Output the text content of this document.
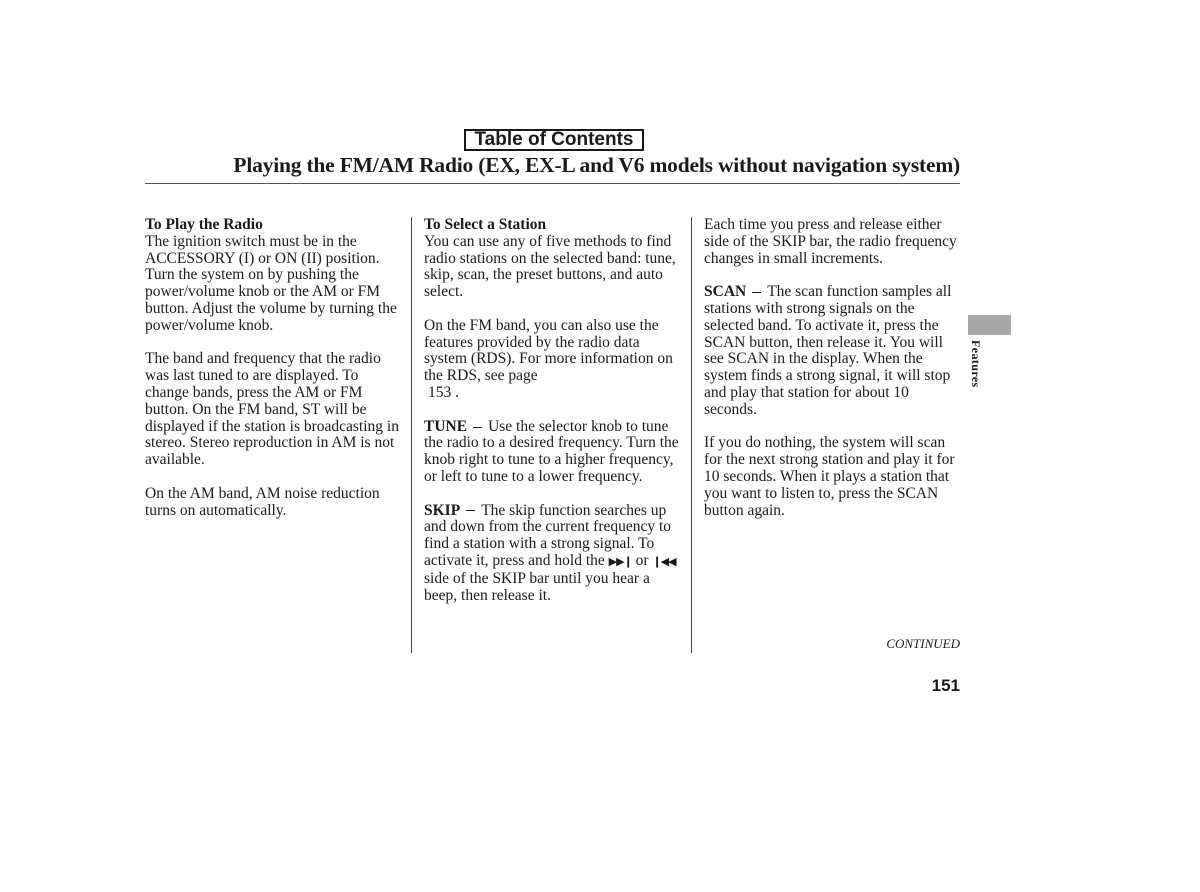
Table of Contents
Playing the FM/AM Radio (EX, EX-L and V6 models without navigation system)

To Play the Radio

The ignition switch must be in the ACCESSORY (I) or ON (II) position. Turn the system on by pushing the power/volume knob or the AM or FM button. Adjust the volume by turning the power/volume knob.

The band and frequency that the radio was last tuned to are displayed. To change bands, press the AM or FM button. On the FM band, ST will be displayed if the station is broadcasting in stereo. Stereo reproduction in AM is not available.

On the AM band, AM noise reduction turns on automatically.

To Select a Station

You can use any of five methods to find radio stations on the selected band: tune, skip, scan, the preset buttons, and auto select.

On the FM band, you can also use the features provided by the radio data system (RDS). For more information on the RDS, see page
153 .

TUNE Use the selector knob to tune the radio to a desired frequency. Turn the knob right to tune to a higher frequency, or left to tune to a lower frequency.

SKIP The skip function searches up and down from the current frequency to find a station with a strong signal. To activate it, press and hold the ▶▶❙ or ❙◀◀ side of the SKIP bar until you hear a beep, then release it.

Each time you press and release either side of the SKIP bar, the radio frequency changes in small increments.

SCAN The scan function samples all stations with strong signals on the selected band. To activate it, press the SCAN button, then release it. You will see SCAN in the display. When the system finds a strong signal, it will stop and play that station for about 10 seconds.

If you do nothing, the system will scan for the next strong station and play it for 10 seconds. When it plays a station that you want to listen to, press the SCAN button again.

Features
CONTINUED
151
